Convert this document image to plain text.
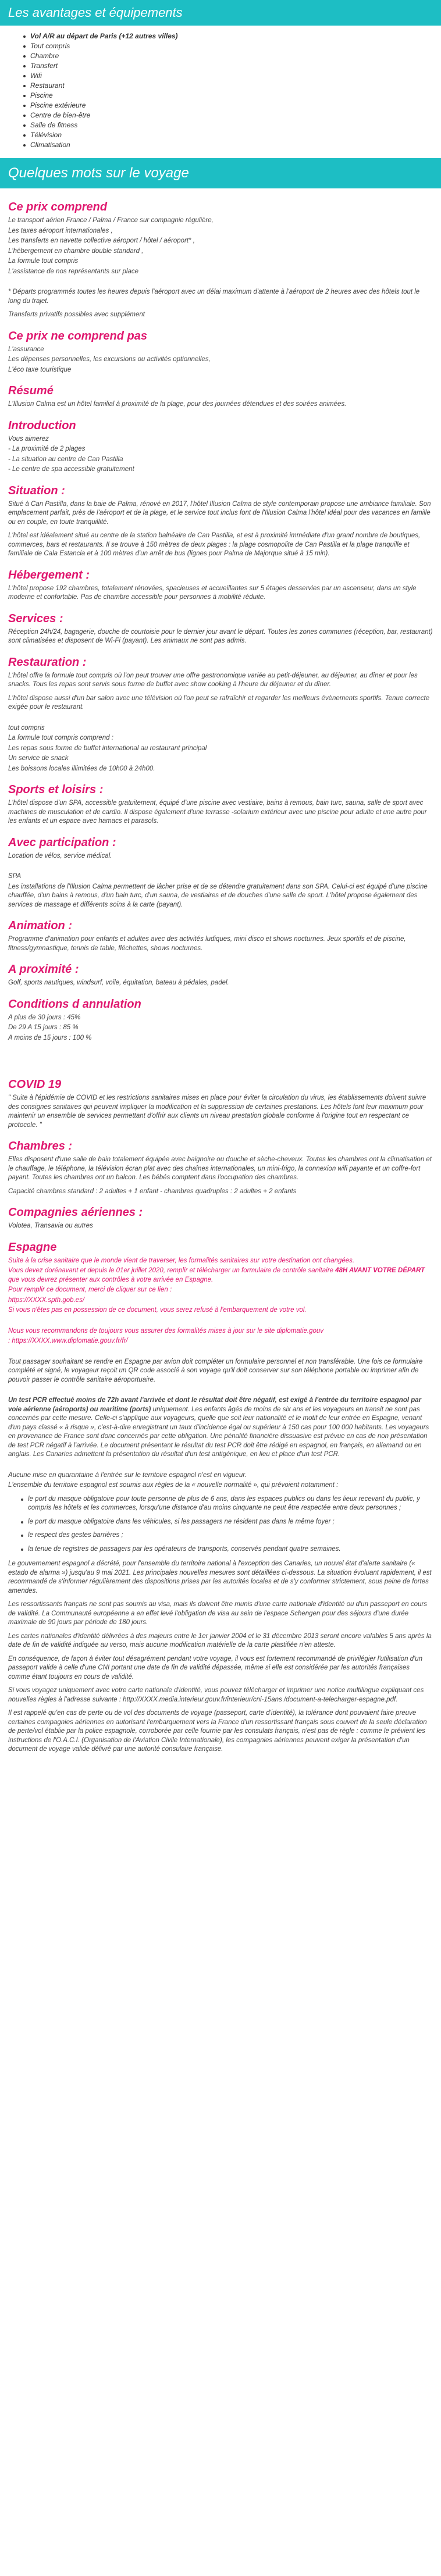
Les avantages et équipements
Vol A/R au départ de Paris (+12 autres villes)
Tout compris
Chambre
Transfert
Wifi
Restaurant
Piscine
Piscine extérieure
Centre de bien-être
Salle de fitness
Télévision
Climatisation
Quelques mots sur le voyage
Ce prix comprend

Le transport aérien France / Palma / France sur compagnie régulière,

Les taxes aéroport internationales ,

Les transferts en navette collective aéroport / hôtel / aéroport* ,

L'hébergement en chambre double standard ,

La formule tout compris

L'assistance de nos représentants sur place

* Départs programmés toutes les heures depuis l'aéroport avec un délai maximum d'attente à l'aéroport de 2 heures avec des hôtels tout le long du trajet.

Transferts privatifs possibles avec supplément

Ce prix ne comprend pas

L'assurance

Les dépenses personnelles, les excursions ou activités optionnelles,

L'éco taxe touristique

Résumé

L'Illusion Calma est un hôtel familial à proximité de la plage, pour des journées détendues et des soirées animées.

Introduction

Vous aimerez

- La proximité de 2 plages

- La situation au centre de Can Pastilla

- Le centre de spa accessible gratuitement

Situation :

Situé à Can Pastilla, dans la baie de Palma, rénové en 2017, l'hôtel Illusion Calma de style contemporain propose une ambiance familiale. Son emplacement parfait, près de l'aéroport et de la plage, et le service tout inclus font de l'Illusion Calma l'hôtel idéal pour des vacances en famille ou en couple, en toute tranquillité.

L'hôtel est idéalement situé au centre de la station balnéaire de Can Pastilla, et est à proximité immédiate d'un grand nombre de boutiques, commerces, bars et restaurants. Il se trouve à 150 mètres de deux plages : la plage cosmopolite de Can Pastilla et la plage tranquille et familiale de Cala Estancia et à 100 mètres d'un arrêt de bus (lignes pour Palma de Majorque situé à 15 min).

Hébergement :

L'hôtel propose 192 chambres, totalement rénovées, spacieuses et accueillantes sur 5 étages desservies par un ascenseur, dans un style moderne et confortable. Pas de chambre accessible pour personnes à mobilité réduite.

Services :

Réception 24h/24, bagagerie, douche de courtoisie pour le dernier jour avant le départ. Toutes les zones communes (réception, bar, restaurant) sont climatisées et disposent de Wi-Fi (payant). Les animaux ne sont pas admis.

Restauration :

L'hôtel offre la formule tout compris où l'on peut trouver une offre gastronomique variée au petit-déjeuner, au déjeuner, au dîner et pour les snacks. Tous les repas sont servis sous forme de buffet avec show cooking à l'heure du déjeuner et du dîner.

L'hôtel dispose aussi d'un bar salon avec une télévision où l'on peut se rafraîchir et regarder les meilleurs évènements sportifs. Tenue correcte exigée pour le restaurant.

tout compris

La formule tout compris comprend :

Les repas sous forme de buffet international au restaurant principal

Un service de snack

Les boissons locales illimitées de 10h00 à 24h00.

Sports et loisirs :

L'hôtel dispose d'un SPA, accessible gratuitement, équipé d'une piscine avec vestiaire, bains à remous, bain turc, sauna, salle de sport avec machines de musculation et de cardio. Il dispose également d'une terrasse -solarium extérieur avec une piscine pour adulte et une autre pour les enfants et un espace avec hamacs et parasols.

Avec participation :

Location de vélos, service médical.

SPA

Les installations de l'Illusion Calma permettent de lâcher prise et de se détendre gratuitement dans son SPA. Celui-ci est équipé d'une piscine chauffée, d'un bains à remous, d'un bain turc, d'un sauna, de vestiaires et de douches d'une salle de sport. L'hôtel propose également des services de massage et différents soins à la carte (payant).

Animation :

Programme d'animation pour enfants et adultes avec des activités ludiques, mini disco et shows nocturnes. Jeux sportifs et de piscine, fitness/gymnastique, tennis de table, fléchettes, shows nocturnes.

A proximité :

Golf, sports nautiques, windsurf, voile, équitation, bateau à pédales, padel.

Conditions d annulation

A plus de 30 jours : 45%

De 29 A 15 jours : 85 %

A moins de 15 jours : 100 %

COVID 19

" Suite à l'épidémie de COVID et les restrictions sanitaires mises en place pour éviter la circulation du virus, les établissements doivent suivre des consignes sanitaires qui peuvent impliquer la modification et la suppression de certaines prestations. Les hôtels font leur maximum pour maintenir un ensemble de services permettant d'offrir aux clients un niveau prestation globale conforme à l'origine tout en respectant ce protocole. "

Chambres :

Elles disposent d'une salle de bain totalement équipée avec baignoire ou douche et sèche-cheveux. Toutes les chambres ont la climatisation et le chauffage, le téléphone, la télévision écran plat avec des chaînes internationales, un mini-frigo, la connexion wifi payante et un coffre-fort payant. Toutes les chambres ont un balcon. Les bébés comptent dans l'occupation des chambres.

Capacité chambres standard : 2 adultes + 1 enfant - chambres quadruples : 2 adultes + 2 enfants

Compagnies aériennes :

Volotea, Transavia ou autres

Espagne

Suite à la crise sanitaire que le monde vient de traverser, les formalités sanitaires sur votre destination ont changées.

Vous devez dorénavant et depuis le 01er juillet 2020, remplir et télécharger un formulaire de contrôle sanitaire 48H AVANT VOTRE DÉPART que vous devrez présenter aux contrôles à votre arrivée en Espagne.

Pour remplir ce document, merci de cliquer sur ce lien :

https://XXXX.spth.gob.es/

Si vous n'êtes pas en possession de ce document, vous serez refusé à l'embarquement de votre vol.

Nous vous recommandons de toujours vous assurer des formalités mises à jour sur le site diplomatie.gouv

: https://XXXX.www.diplomatie.gouv.fr/fr/

Tout passager souhaitant se rendre en Espagne par avion doit compléter un formulaire personnel et non transférable. Une fois ce formulaire complété et signé, le voyageur reçoit un QR code associé à son voyage qu'il doit conserver sur son téléphone portable ou imprimer afin de pouvoir passer le contrôle sanitaire aéroportuaire.

Un test PCR effectué moins de 72h avant l'arrivée et dont le résultat doit être négatif, est exigé à l'entrée du territoire espagnol par voie aérienne (aéroports) ou maritime (ports) uniquement. Les enfants âgés de moins de six ans et les voyageurs en transit ne sont pas concernés par cette mesure. Celle-ci s'applique aux voyageurs, quelle que soit leur nationalité et le motif de leur entrée en Espagne, venant d'un pays classé « à risque », c'est-à-dire enregistrant un taux d'incidence égal ou supérieur à 150 cas pour 100 000 habitants. Les voyageurs en provenance de France sont donc concernés par cette obligation. Une pénalité financière dissuasive est prévue en cas de non présentation de test PCR négatif à l'arrivée. Le document présentant le résultat du test PCR doit être rédigé en espagnol, en français, en allemand ou en anglais. Les Canaries admettent la présentation du résultat d'un test antigénique, en lieu et place d'un test PCR.

Aucune mise en quarantaine à l'entrée sur le territoire espagnol n'est en vigueur.

L'ensemble du territoire espagnol est soumis aux règles de la « nouvelle normalité », qui prévoient notamment :

le port du masque obligatoire pour toute personne de plus de 6 ans, dans les espaces publics ou dans les lieux recevant du public, y compris les hôtels et les commerces, lorsqu'une distance d'au moins cinquante ne peut être respectée entre deux personnes ;
le port du masque obligatoire dans les véhicules, si les passagers ne résident pas dans le même foyer ;
le respect des gestes barrières ;
la tenue de registres de passagers par les opérateurs de transports, conservés pendant quatre semaines.

Le gouvernement espagnol a décrété, pour l'ensemble du territoire national à l'exception des Canaries, un nouvel état d'alerte sanitaire (« estado de alarma ») jusqu'au 9 mai 2021. Les principales nouvelles mesures sont détaillées ci-dessous. La situation évoluant rapidement, il est recommandé de s'informer régulièrement des dispositions prises par les autorités locales et de s'y conformer strictement, sous peine de fortes amendes.

Les ressortissants français ne sont pas soumis au visa, mais ils doivent être munis d'une carte nationale d'identité ou d'un passeport en cours de validité. La Communauté européenne a en effet levé l'obligation de visa au sein de l'espace Schengen pour des séjours d'une durée maximale de 90 jours par période de 180 jours.

Les cartes nationales d'identité délivrées à des majeurs entre le 1er janvier 2004 et le 31 décembre 2013 seront encore valables 5 ans après la date de fin de validité indiquée au verso, mais aucune modification matérielle de la carte plastifiée n'en atteste.

En conséquence, de façon à éviter tout désagrément pendant votre voyage, il vous est fortement recommandé de privilégier l'utilisation d'un passeport valide à celle d'une CNI portant une date de fin de validité dépassée, même si elle est considérée par les autorités françaises comme étant toujours en cours de validité.

Si vous voyagez uniquement avec votre carte nationale d'identité, vous pouvez télécharger et imprimer une notice multilingue expliquant ces nouvelles règles à l'adresse suivante : http://XXXX.media.interieur.gouv.fr/interieur/cni-15ans /document-a-telecharger-espagne.pdf.

Il est rappelé qu'en cas de perte ou de vol des documents de voyage (passeport, carte d'identité), la tolérance dont pouvaient faire preuve certaines compagnies aériennes en autorisant l'embarquement vers la France d'un ressortissant français sous couvert de la seule déclaration de perte/vol établie par la police espagnole, corroborée par celle fournie par les consulats français, n'est pas de règle : comme le prévient les instructions de l'O.A.C.I. (Organisation de l'Aviation Civile Internationale), les compagnies aériennes peuvent exiger la présentation d'un document de voyage valide délivré par une autorité consulaire française.
